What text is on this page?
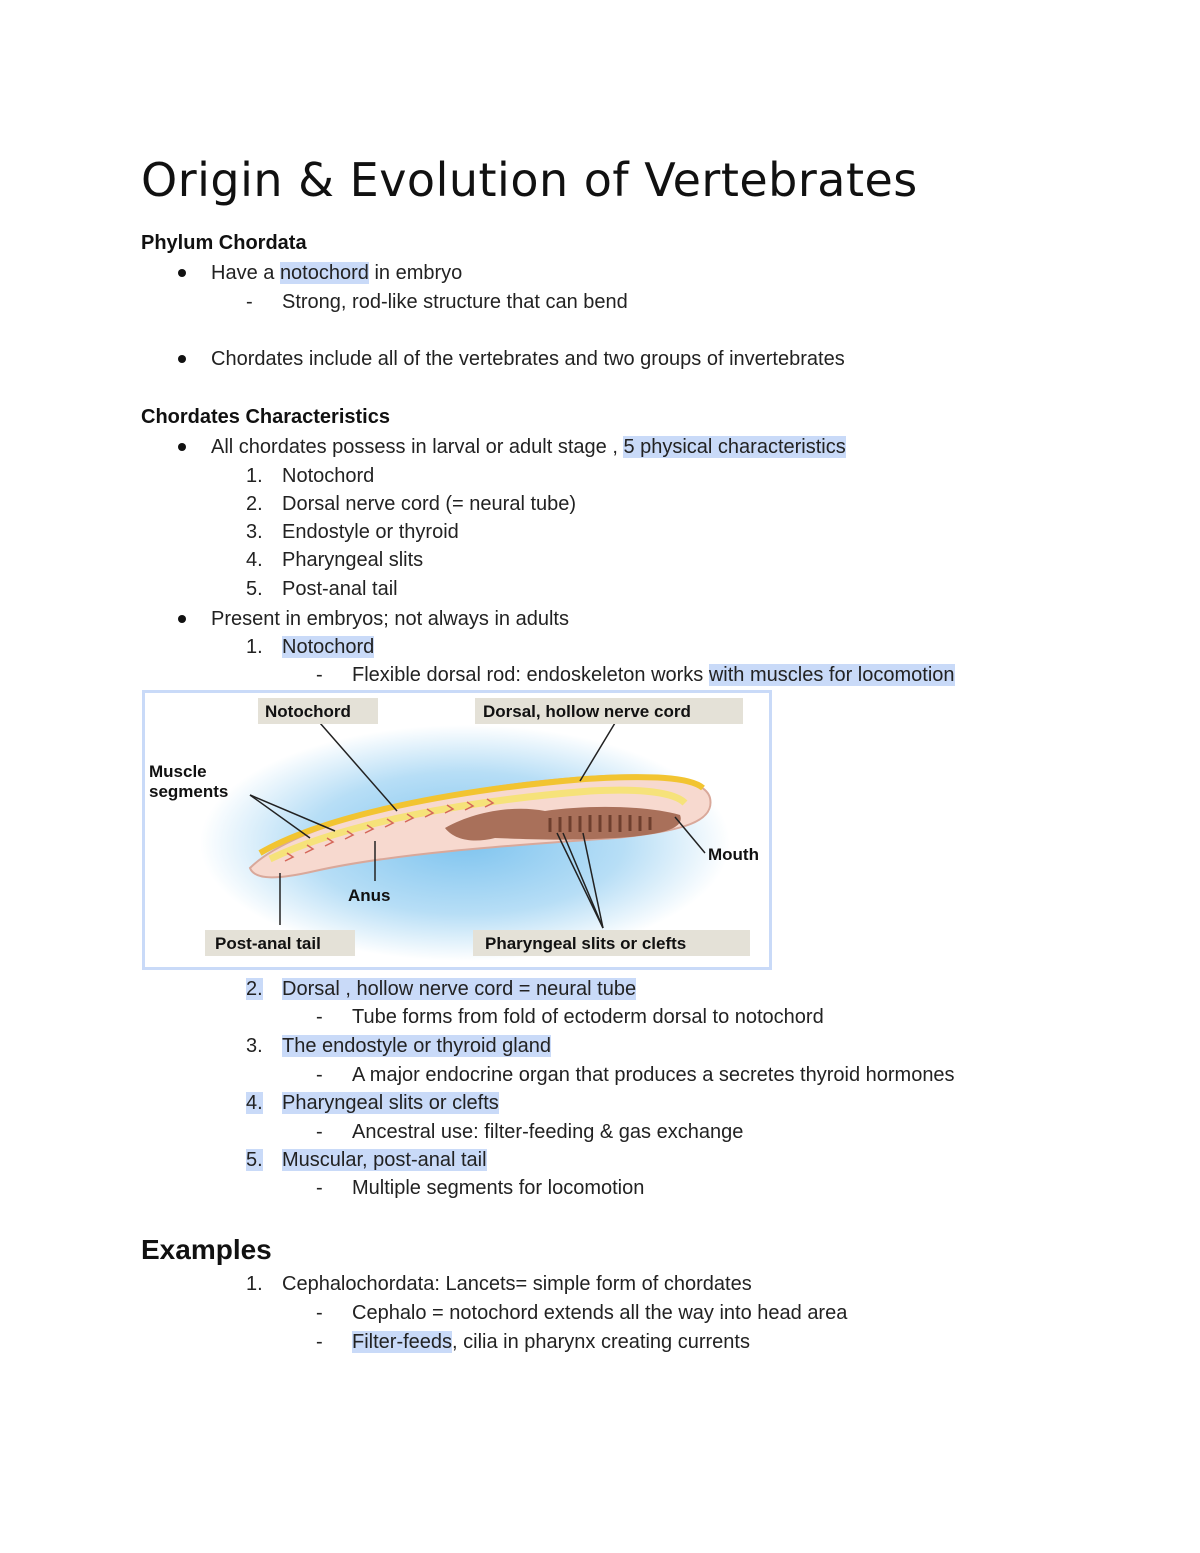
Origin & Evolution of Vertebrates
Phylum Chordata
Have a notochord in embryo
- Strong, rod-like structure that can bend
Chordates include all of the vertebrates and two groups of invertebrates
Chordates Characteristics
All chordates possess in larval or adult stage , 5 physical characteristics
1. Notochord
2. Dorsal nerve cord (= neural tube)
3. Endostyle or thyroid
4. Pharyngeal slits
5. Post-anal tail
Present in embryos; not always in adults
1. Notochord
- Flexible dorsal rod: endoskeleton works with muscles for locomotion
Notochord	Dorsal, hollow nerve cord
Muscle
segments
Mouth
Anus
Post-anal tail	Pharyngeal slits or clefts
2. Dorsal , hollow nerve cord = neural tube
- Tube forms from fold of ectoderm dorsal to notochord
3. The endostyle or thyroid gland
- A major endocrine organ that produces a secretes thyroid hormones
4. Pharyngeal slits or clefts
- Ancestral use: filter-feeding & gas exchange
5. Muscular, post-anal tail
- Multiple segments for locomotion
Examples
1. Cephalochordata: Lancets= simple form of chordates
- Cephalo = notochord extends all the way into head area
- Filter-feeds, cilia in pharynx creating currents
